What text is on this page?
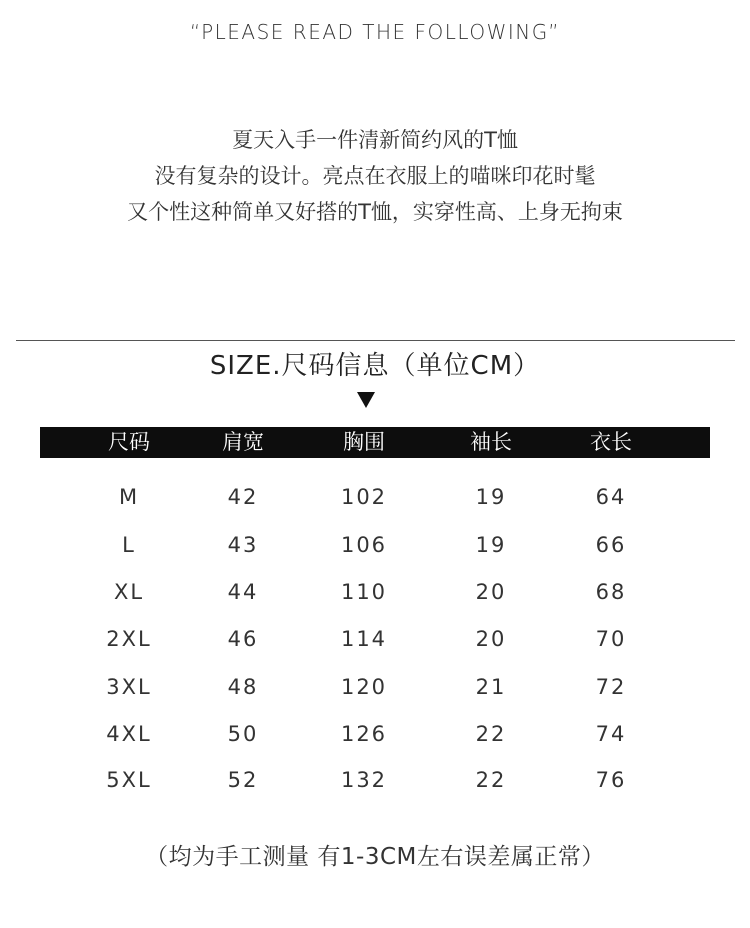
“PLEASE READ THE FOLLOWING”
夏天入手一件清新简约风的T恤
没有复杂的设计。亮点在衣服上的喵咪印花时髦
又个性这种简单又好搭的T恤，实穿性高、上身无拘束
SIZE.尺码信息（单位CM）
尺码	肩宽	胸围	袖长	衣长
M	42	102	19	64
L	43	106	19	66
XL	44	110	20	68
2XL	46	114	20	70
3XL	48	120	21	72
4XL	50	126	22	74
5XL	52	132	22	76
（均为手工测量 有1-3CM左右误差属正常）
